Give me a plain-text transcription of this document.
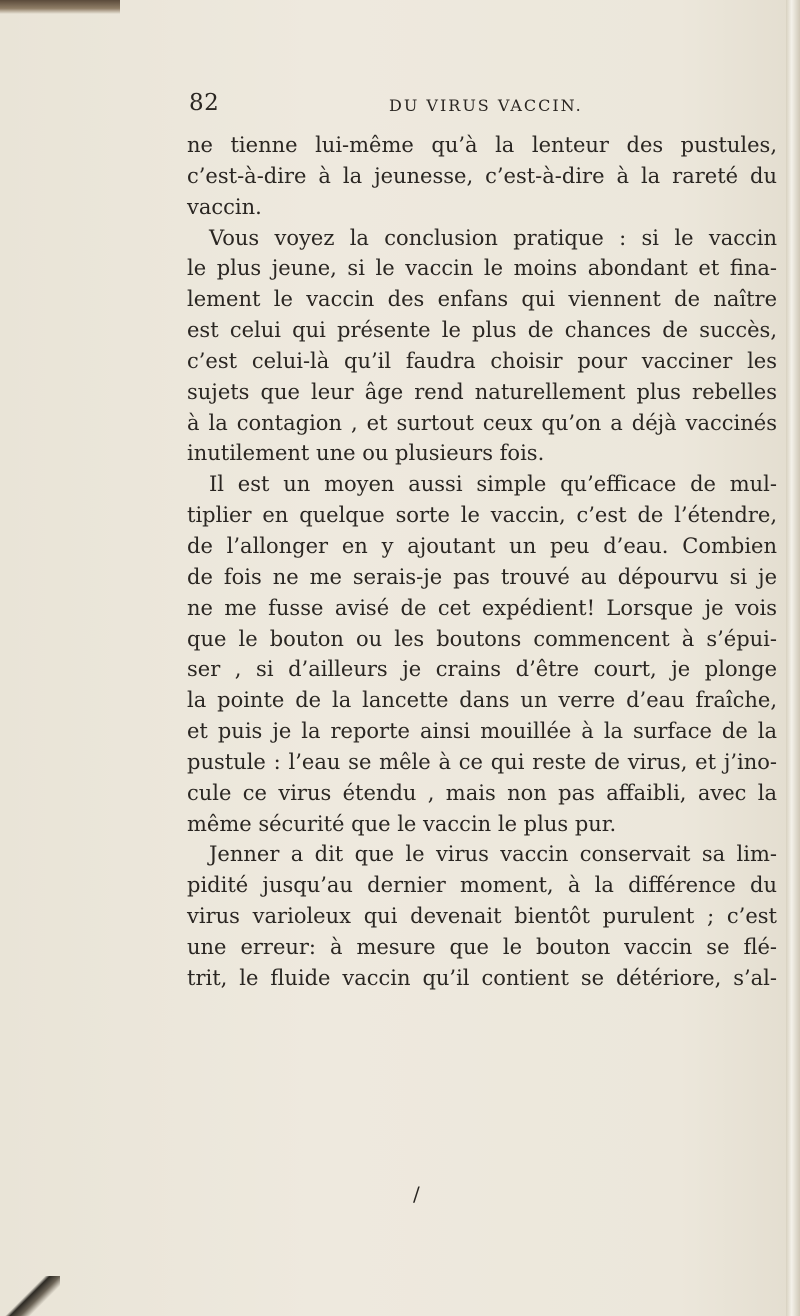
82	DU VIRUS VACCIN.
ne tienne lui-même qu’à la lenteur des pustules,
c’est-à-dire à la jeunesse, c’est-à-dire à la rareté du
vaccin.
Vous voyez la conclusion pratique : si le vaccin
le plus jeune, si le vaccin le moins abondant et fina-
lement le vaccin des enfans qui viennent de naître
est celui qui présente le plus de chances de succès,
c’est celui-là qu’il faudra choisir pour vacciner les
sujets que leur âge rend naturellement plus rebelles
à la contagion , et surtout ceux qu’on a déjà vaccinés
inutilement une ou plusieurs fois.
Il est un moyen aussi simple qu’efficace de mul-
tiplier en quelque sorte le vaccin, c’est de l’étendre,
de l’allonger en y ajoutant un peu d’eau. Combien
de fois ne me serais-je pas trouvé au dépourvu si je
ne me fusse avisé de cet expédient! Lorsque je vois
que le bouton ou les boutons commencent à s’épui-
ser , si d’ailleurs je crains d’être court, je plonge
la pointe de la lancette dans un verre d’eau fraîche,
et puis je la reporte ainsi mouillée à la surface de la
pustule : l’eau se mêle à ce qui reste de virus, et j’ino-
cule ce virus étendu , mais non pas affaibli, avec la
même sécurité que le vaccin le plus pur.
Jenner a dit que le virus vaccin conservait sa lim-
pidité jusqu’au dernier moment, à la différence du
virus varioleux qui devenait bientôt purulent ; c’est
une erreur: à mesure que le bouton vaccin se flé-
trit, le fluide vaccin qu’il contient se détériore, s’al-
/
